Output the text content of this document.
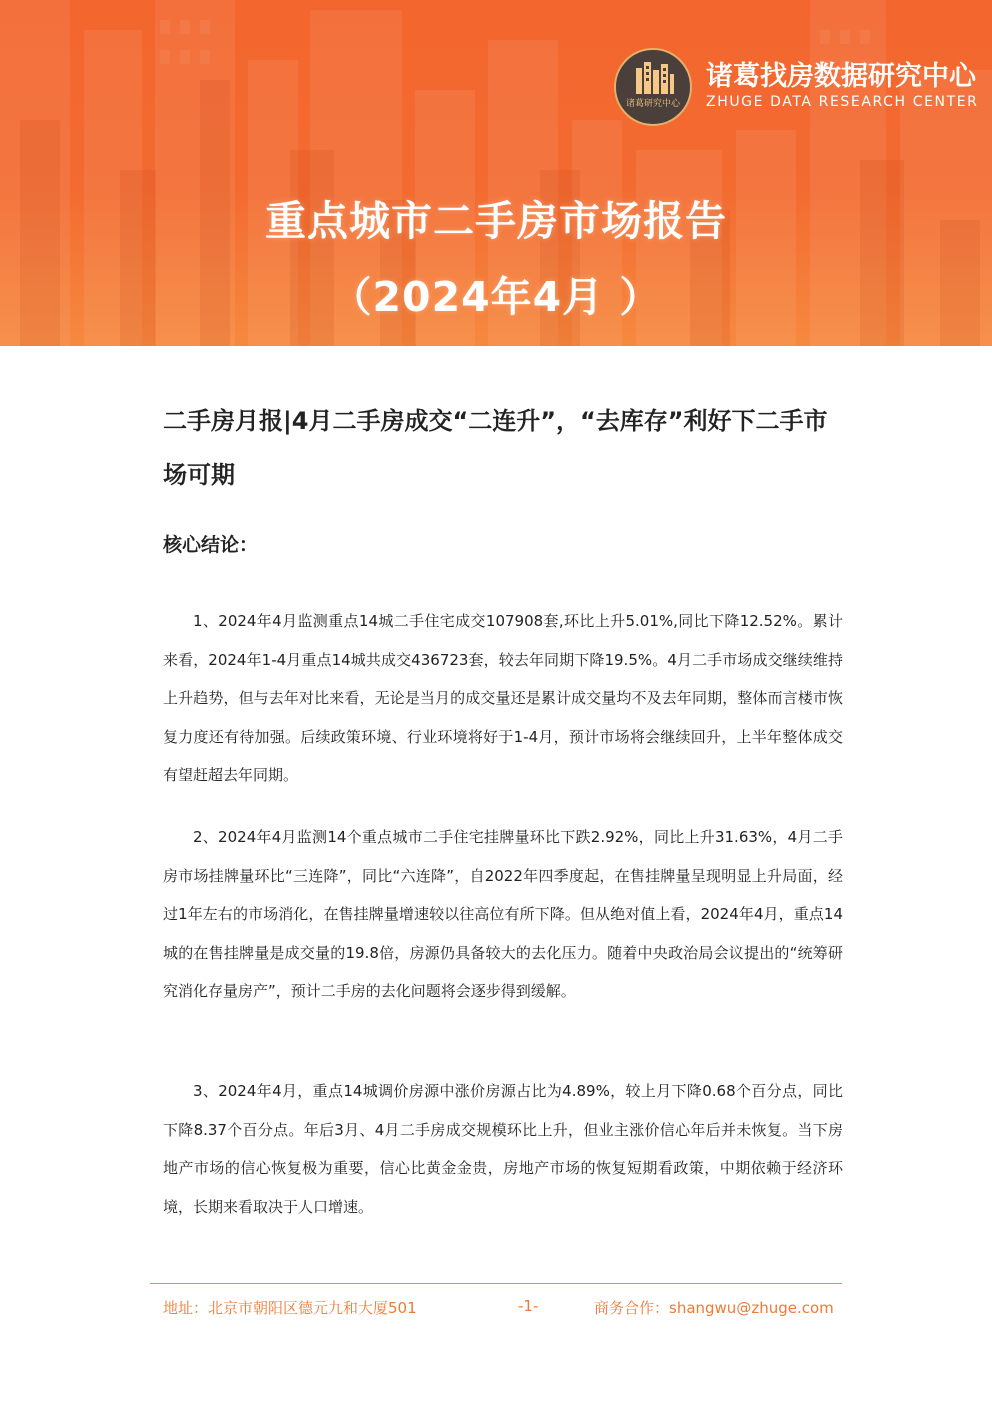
诸葛研究中心
诸葛找房数据研究中心
ZHUGE DATA RESEARCH CENTER
重点城市二手房市场报告
（2024年4月 ）
二手房月报|4月二手房成交“二连升”，“去库存”利好下二手市场可期
核心结论：

1、2024年4月监测重点14城二手住宅成交107908套,环比上升5.01%,同比下降12.52%。累计来看，2024年1-4月重点14城共成交436723套，较去年同期下降19.5%。4月二手市场成交继续维持上升趋势，但与去年对比来看，无论是当月的成交量还是累计成交量均不及去年同期，整体而言楼市恢复力度还有待加强。后续政策环境、行业环境将好于1-4月，预计市场将会继续回升，上半年整体成交有望赶超去年同期。

2、2024年4月监测14个重点城市二手住宅挂牌量环比下跌2.92%，同比上升31.63%，4月二手房市场挂牌量环比“三连降”，同比“六连降”，自2022年四季度起，在售挂牌量呈现明显上升局面，经过1年左右的市场消化，在售挂牌量增速较以往高位有所下降。但从绝对值上看，2024年4月，重点14城的在售挂牌量是成交量的19.8倍，房源仍具备较大的去化压力。随着中央政治局会议提出的“统筹研究消化存量房产”，预计二手房的去化问题将会逐步得到缓解。

3、2024年4月，重点14城调价房源中涨价房源占比为4.89%，较上月下降0.68个百分点，同比下降8.37个百分点。年后3月、4月二手房成交规模环比上升，但业主涨价信心年后并未恢复。当下房地产市场的信心恢复极为重要，信心比黄金金贵，房地产市场的恢复短期看政策，中期依赖于经济环境，长期来看取决于人口增速。

地址：北京市朝阳区德元九和大厦501	-1-	商务合作：shangwu@zhuge.com
